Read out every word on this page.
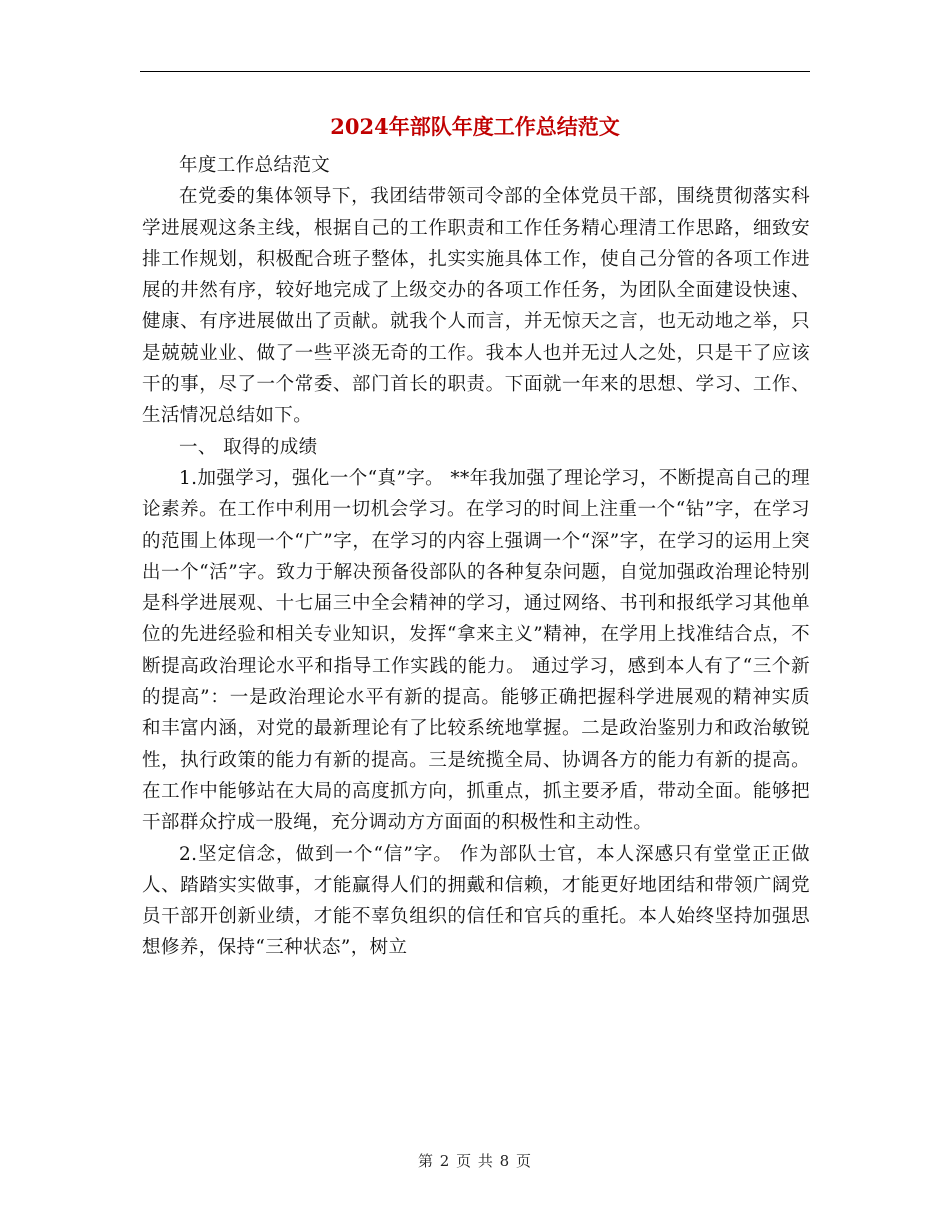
2024年部队年度工作总结范文

年度工作总结范文

在党委的集体领导下，我团结带领司令部的全体党员干部，围绕贯彻落实科学进展观这条主线，根据自己的工作职责和工作任务精心理清工作思路，细致安排工作规划，积极配合班子整体，扎实实施具体工作，使自己分管的各项工作进展的井然有序，较好地完成了上级交办的各项工作任务，为团队全面建设快速、健康、有序进展做出了贡献。就我个人而言，并无惊天之言，也无动地之举，只是兢兢业业、做了一些平淡无奇的工作。我本人也并无过人之处，只是干了应该干的事，尽了一个常委、部门首长的职责。下面就一年来的思想、学习、工作、生活情况总结如下。

一、 取得的成绩

1.加强学习，强化一个“真”字。 **年我加强了理论学习，不断提高自己的理论素养。在工作中利用一切机会学习。在学习的时间上注重一个“钻”字，在学习的范围上体现一个“广”字，在学习的内容上强调一个“深”字，在学习的运用上突出一个“活”字。致力于解决预备役部队的各种复杂问题，自觉加强政治理论特别是科学进展观、十七届三中全会精神的学习，通过网络、书刊和报纸学习其他单位的先进经验和相关专业知识，发挥“拿来主义”精神，在学用上找准结合点，不断提高政治理论水平和指导工作实践的能力。 通过学习，感到本人有了“三个新的提高”：一是政治理论水平有新的提高。能够正确把握科学进展观的精神实质和丰富内涵，对党的最新理论有了比较系统地掌握。二是政治鉴别力和政治敏锐性，执行政策的能力有新的提高。三是统揽全局、协调各方的能力有新的提高。在工作中能够站在大局的高度抓方向，抓重点，抓主要矛盾，带动全面。能够把干部群众拧成一股绳，充分调动方方面面的积极性和主动性。

2.坚定信念，做到一个“信”字。 作为部队士官，本人深感只有堂堂正正做人、踏踏实实做事，才能赢得人们的拥戴和信赖，才能更好地团结和带领广阔党员干部开创新业绩，才能不辜负组织的信任和官兵的重托。本人始终坚持加强思想修养，保持“三种状态”，树立

第 2 页 共 8 页
